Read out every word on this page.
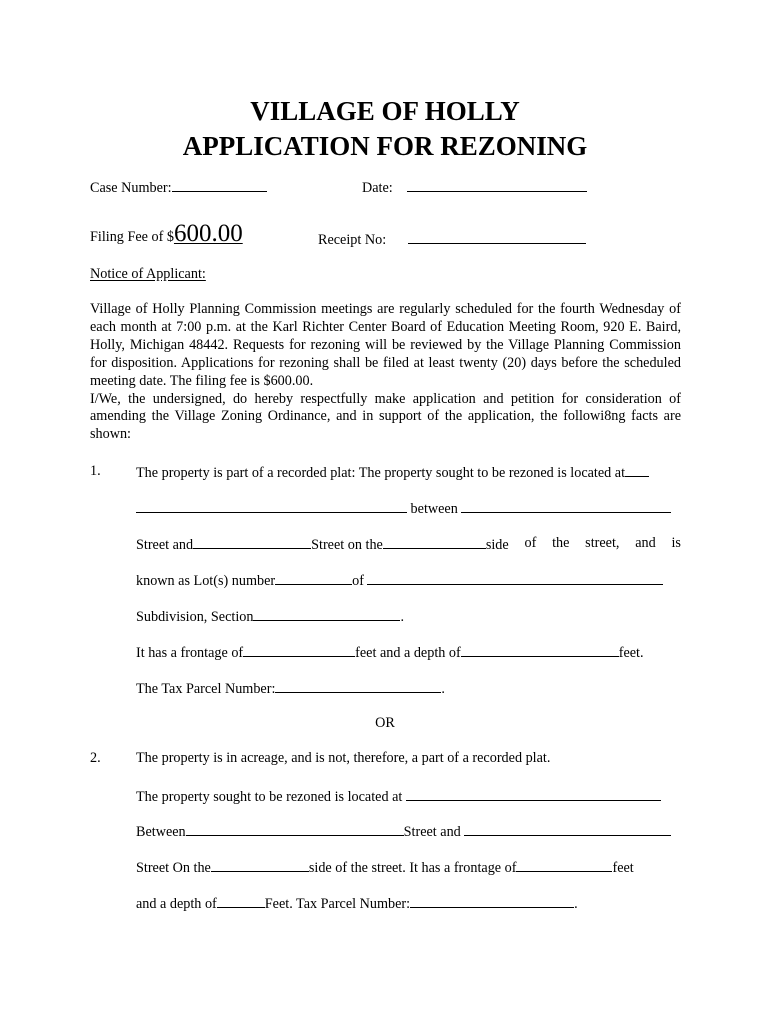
VILLAGE OF HOLLY
APPLICATION FOR REZONING
Case Number:	Date:
Filing Fee of $600.00	Receipt No:
Notice of Applicant:

Village of Holly Planning Commission meetings are regularly scheduled for the fourth Wednesday of each month at 7:00 p.m. at the Karl Richter Center Board of Education Meeting Room, 920 E. Baird, Holly, Michigan 48442. Requests for rezoning will be reviewed by the Village Planning Commission for disposition. Applications for rezoning shall be filed at least twenty (20) days before the scheduled meeting date. The filing fee is $600.00.

I/We, the undersigned, do hereby respectfully make application and petition for consideration of amending the Village Zoning Ordinance, and in support of the application, the followi8ng facts are shown:

1. The property is part of a recorded plat: The property sought to be rezoned is located at
between
Street and	Street on the	side of the street, and is
known as Lot(s) number	of
Subdivision, Section	.
It has a frontage of	feet and a depth of	feet.
The Tax Parcel Number:	.
OR
2. The property is in acreage, and is not, therefore, a part of a recorded plat.
The property sought to be rezoned is located at
Between	Street and
Street On the	side of the street. It has a frontage of	feet
and a depth of	Feet. Tax Parcel Number:	.
